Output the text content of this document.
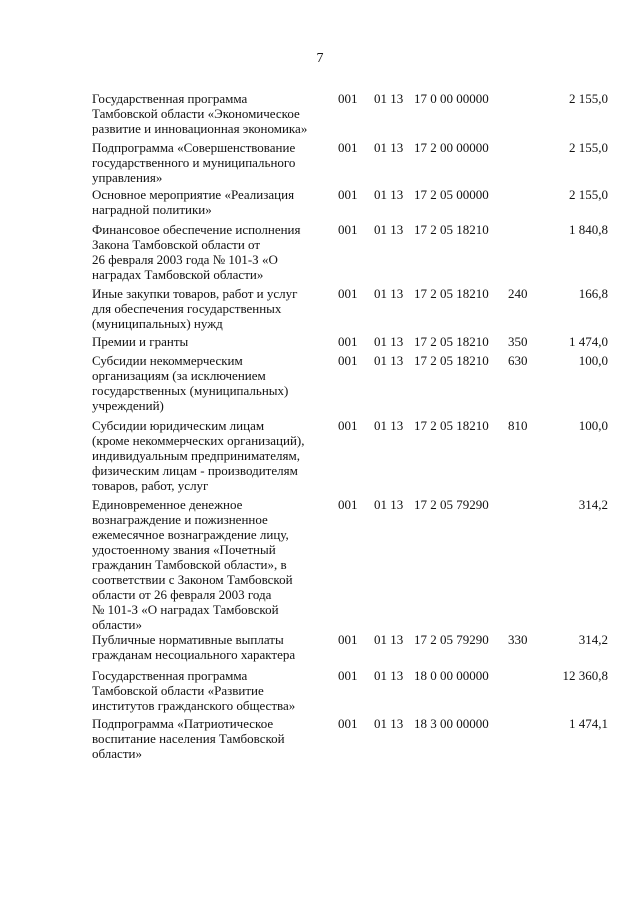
7
Государственная программа
Тамбовской области «Экономическое
развитие и инновационная экономика»
001 01 13 17 0 00 00000	2 155,0
Подпрограмма «Совершенствование
государственного и муниципального
управления»
001 01 13 17 2 00 00000	2 155,0
Основное мероприятие «Реализация
наградной политики»
001 01 13 17 2 05 00000	2 155,0
Финансовое обеспечение исполнения
Закона Тамбовской области от
26 февраля 2003 года № 101-З «О
наградах Тамбовской области»
001 01 13 17 2 05 18210	1 840,8
Иные закупки товаров, работ и услуг
для обеспечения государственных
(муниципальных) нужд
001 01 13 17 2 05 18210 240	166,8
Премии и гранты	001 01 13 17 2 05 18210 350	1 474,0
Субсидии некоммерческим
организациям (за исключением
государственных (муниципальных)
учреждений)
001 01 13 17 2 05 18210 630	100,0
Субсидии юридическим лицам
(кроме некоммерческих организаций),
индивидуальным предпринимателям,
физическим лицам - производителям
товаров, работ, услуг
001 01 13 17 2 05 18210 810	100,0
Единовременное денежное
вознаграждение и пожизненное
ежемесячное вознаграждение лицу,
удостоенному звания «Почетный
гражданин Тамбовской области», в
соответствии с Законом Тамбовской
области от 26 февраля 2003 года
№ 101-З «О наградах Тамбовской
области»
001 01 13 17 2 05 79290	314,2
Публичные нормативные выплаты
гражданам несоциального характера
001 01 13 17 2 05 79290 330	314,2
Государственная программа
Тамбовской области «Развитие
институтов гражданского общества»
001 01 13 18 0 00 00000	12 360,8
Подпрограмма «Патриотическое
воспитание населения Тамбовской
области»
001 01 13 18 3 00 00000	1 474,1
